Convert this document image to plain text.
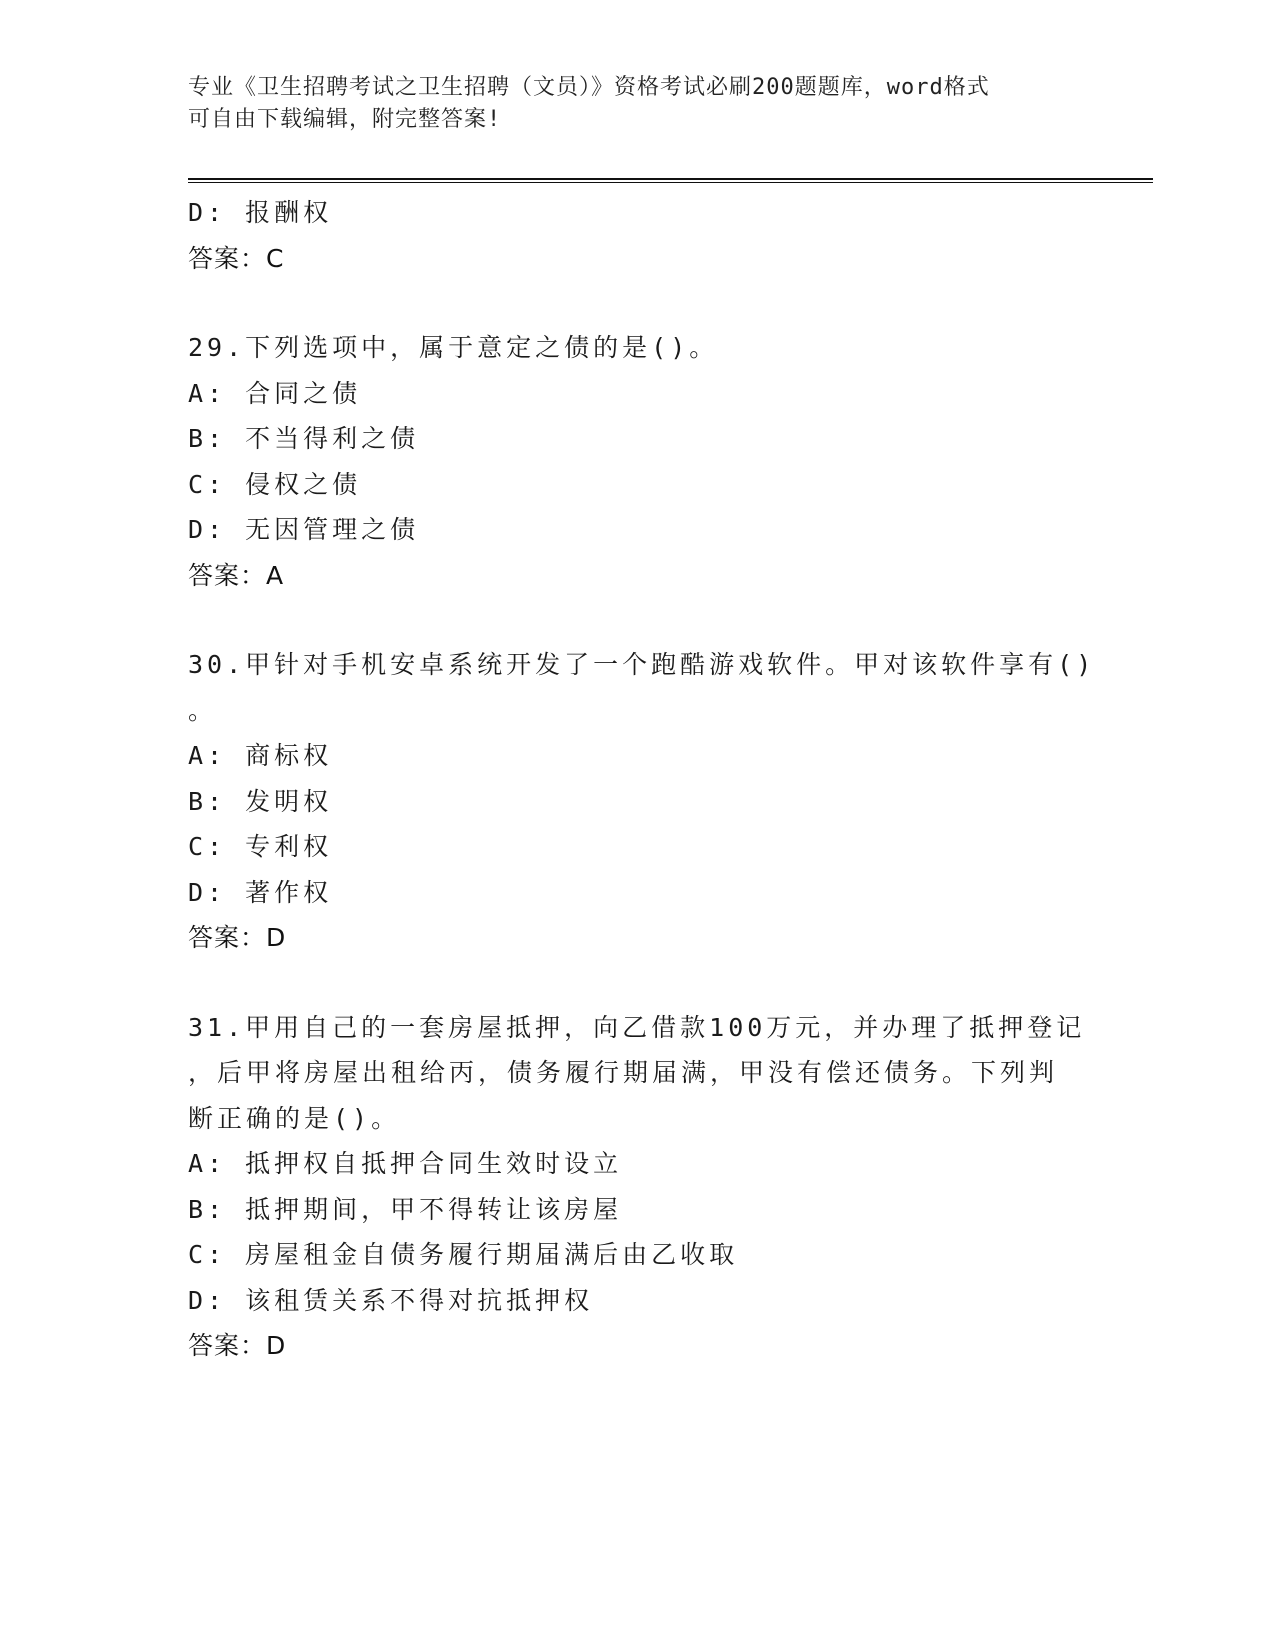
专业《卫生招聘考试之卫生招聘（文员）》资格考试必刷200题题库，word格式
可自由下载编辑，附完整答案!
D: 报酬权
答案：C
29.下列选项中，属于意定之债的是()。
A: 合同之债
B: 不当得利之债
C: 侵权之债
D: 无因管理之债
答案：A
30.甲针对手机安卓系统开发了一个跑酷游戏软件。甲对该软件享有()
。
A: 商标权
B: 发明权
C: 专利权
D: 著作权
答案：D
31.甲用自己的一套房屋抵押，向乙借款100万元，并办理了抵押登记
，后甲将房屋出租给丙，债务履行期届满，甲没有偿还债务。下列判
断正确的是()。
A: 抵押权自抵押合同生效时设立
B: 抵押期间，甲不得转让该房屋
C: 房屋租金自债务履行期届满后由乙收取
D: 该租赁关系不得对抗抵押权
答案：D
